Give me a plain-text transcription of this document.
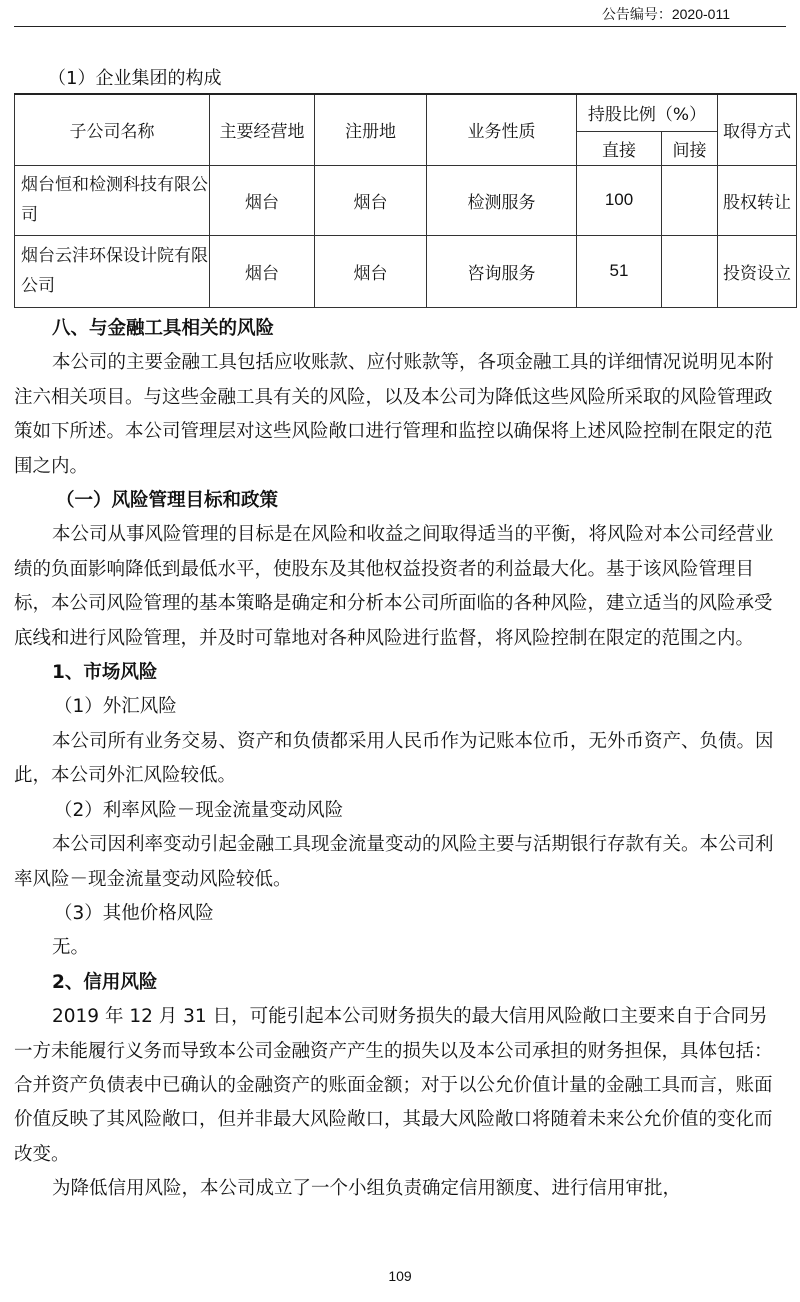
公告编号：2020-011
（1）企业集团的构成
子公司名称	主要经营地	注册地	业务性质	持股比例（%）		取得方式
				直接	间接	
烟台恒和检测科技有限公司	烟台	烟台	检测服务	100		股权转让
烟台云沣环保设计院有限公司	烟台	烟台	咨询服务	51		投资设立

八、与金融工具相关的风险

本公司的主要金融工具包括应收账款、应付账款等，各项金融工具的详细情况说明见本附注六相关项目。与这些金融工具有关的风险，以及本公司为降低这些风险所采取的风险管理政策如下所述。本公司管理层对这些风险敞口进行管理和监控以确保将上述风险控制在限定的范围之内。

（一）风险管理目标和政策

本公司从事风险管理的目标是在风险和收益之间取得适当的平衡，将风险对本公司经营业绩的负面影响降低到最低水平，使股东及其他权益投资者的利益最大化。基于该风险管理目标，本公司风险管理的基本策略是确定和分析本公司所面临的各种风险，建立适当的风险承受底线和进行风险管理，并及时可靠地对各种风险进行监督，将风险控制在限定的范围之内。

1、市场风险

（1）外汇风险

本公司所有业务交易、资产和负债都采用人民币作为记账本位币，无外币资产、负债。因此，本公司外汇风险较低。

（2）利率风险－现金流量变动风险

本公司因利率变动引起金融工具现金流量变动的风险主要与活期银行存款有关。本公司利率风险－现金流量变动风险较低。

（3）其他价格风险

无。

2、信用风险

2019 年 12 月 31 日，可能引起本公司财务损失的最大信用风险敞口主要来自于合同另一方未能履行义务而导致本公司金融资产产生的损失以及本公司承担的财务担保，具体包括：合并资产负债表中已确认的金融资产的账面金额；对于以公允价值计量的金融工具而言，账面价值反映了其风险敞口，但并非最大风险敞口，其最大风险敞口将随着未来公允价值的变化而改变。

为降低信用风险，本公司成立了一个小组负责确定信用额度、进行信用审批，

109
